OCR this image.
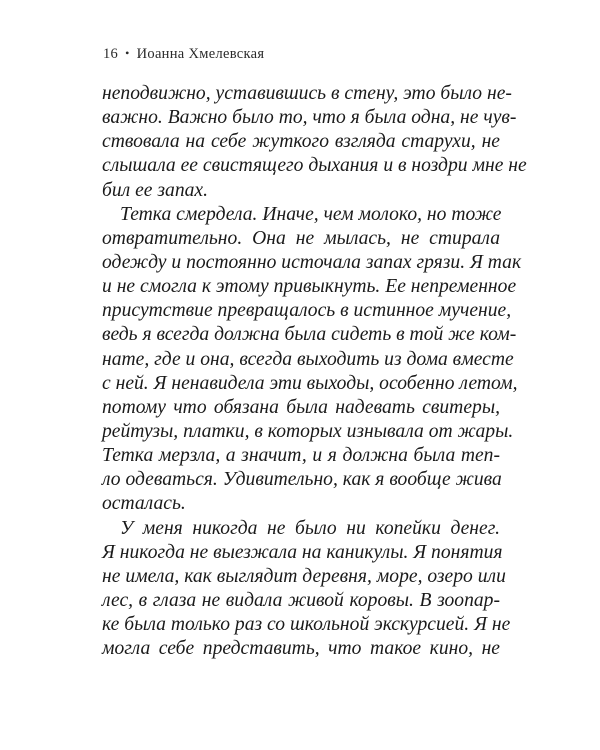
16 • Иоанна Хмелевская
неподвижно, уставившись в стену, это было не-
важно. Важно было то, что я была одна, не чув-
ствовала на себе жуткого взгляда старухи, не
слышала ее свистящего дыхания и в ноздри мне не
бил ее запах.
Тетка смердела. Иначе, чем молоко, но тоже
отвратительно. Она не мылась, не стирала
одежду и постоянно источала запах грязи. Я так
и не смогла к этому привыкнуть. Ее непременное
присутствие превращалось в истинное мучение,
ведь я всегда должна была сидеть в той же ком-
нате, где и она, всегда выходить из дома вместе
с ней. Я ненавидела эти выходы, особенно летом,
потому что обязана была надевать свитеры,
рейтузы, платки, в которых изнывала от жары.
Тетка мерзла, а значит, и я должна была теп-
ло одеваться. Удивительно, как я вообще жива
осталась.
У меня никогда не было ни копейки денег.
Я никогда не выезжала на каникулы. Я понятия
не имела, как выглядит деревня, море, озеро или
лес, в глаза не видала живой коровы. В зоопар-
ке была только раз со школьной экскурсией. Я не
могла себе представить, что такое кино, не
